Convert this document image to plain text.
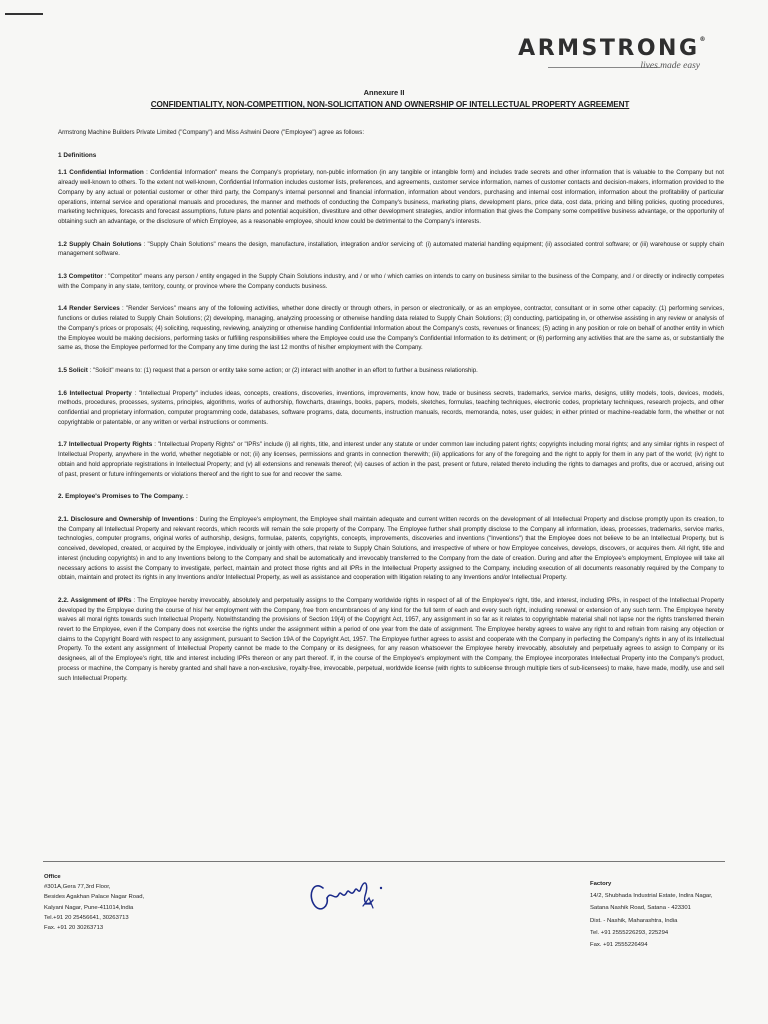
ARMSTRONG®
lives made easy
Annexure II
CONFIDENTIALITY, NON-COMPETITION, NON-SOLICITATION AND OWNERSHIP OF INTELLECTUAL PROPERTY AGREEMENT

Armstrong Machine Builders Private Limited ("Company") and Miss Ashwini Deore ("Employee") agree as follows:

1 Definitions

1.1 Confidential Information : Confidential Information" means the Company's proprietary, non-public information (in any tangible or intangible form) and includes trade secrets and other information that is valuable to the Company but not already well-known to others. To the extent not well-known, Confidential Information includes customer lists, preferences, and agreements, customer service information, names of customer contacts and decision-makers, information provided to the Company by any actual or potential customer or other third party, the Company's internal personnel and financial information, information about vendors, purchasing and internal cost information, information about the profitability of particular operations, internal service and operational manuals and procedures, the manner and methods of conducting the Company's business, marketing plans, development plans, price data, cost data, pricing and billing policies, quoting procedures, marketing techniques, forecasts and forecast assumptions, future plans and potential acquisition, divestiture and other development strategies, and/or information that gives the Company some competitive business advantage, or the opportunity of obtaining such an advantage, or the disclosure of which Employee, as a reasonable employee, should know could be detrimental to the Company's interests.

1.2 Supply Chain Solutions : "Supply Chain Solutions" means the design, manufacture, installation, integration and/or servicing of: (i) automated material handling equipment; (ii) associated control software; or (iii) warehouse or supply chain management software.

1.3 Competitor : "Competitor" means any person / entity engaged in the Supply Chain Solutions industry, and / or who / which carries on intends to carry on business similar to the business of the Company, and / or directly or indirectly competes with the Company in any state, territory, county, or province where the Company conducts business.

1.4 Render Services : "Render Services" means any of the following activities, whether done directly or through others, in person or electronically, or as an employee, contractor, consultant or in some other capacity: (1) performing services, functions or duties related to Supply Chain Solutions; (2) developing, managing, analyzing processing or otherwise handling data related to Supply Chain Solutions; (3) conducting, participating in, or otherwise assisting in any review or analysis of the Company's prices or proposals; (4) soliciting, requesting, reviewing, analyzing or otherwise handling Confidential Information about the Company's costs, revenues or finances; (5) acting in any position or role on behalf of another entity in which the Employee would be making decisions, performing tasks or fulfilling responsibilities where the Employee could use the Company's Confidential Information to its detriment; or (6) performing any activities that are the same as, or substantially the same as, those the Employee performed for the Company any time during the last 12 months of his/her employment with the Company.

1.5 Solicit : "Solicit" means to: (1) request that a person or entity take some action; or (2) interact with another in an effort to further a business relationship.

1.6 Intellectual Property : "Intellectual Property" includes ideas, concepts, creations, discoveries, inventions, improvements, know how, trade or business secrets, trademarks, service marks, designs, utility models, tools, devices, models, methods, procedures, processes, systems, principles, algorithms, works of authorship, flowcharts, drawings, books, papers, models, sketches, formulas, teaching techniques, electronic codes, proprietary techniques, research projects, and other confidential and proprietary information, computer programming code, databases, software programs, data, documents, instruction manuals, records, memoranda, notes, user guides; in either printed or machine-readable form, the whether or not copyrightable or patentable, or any written or verbal instructions or comments.

1.7 Intellectual Property Rights : "Intellectual Property Rights" or "IPRs" include (i) all rights, title, and interest under any statute or under common law including patent rights; copyrights including moral rights; and any similar rights in respect of Intellectual Property, anywhere in the world, whether negotiable or not; (ii) any licenses, permissions and grants in connection therewith; (iii) applications for any of the foregoing and the right to apply for them in any part of the world; (iv) right to obtain and hold appropriate registrations in Intellectual Property; and (v) all extensions and renewals thereof; (vi) causes of action in the past, present or future, related thereto including the rights to damages and profits, due or accrued, arising out of past, present or future infringements or violations thereof and the right to sue for and recover the same.

2. Employee's Promises to The Company. :

2.1. Disclosure and Ownership of Inventions : During the Employee's employment, the Employee shall maintain adequate and current written records on the development of all Intellectual Property and disclose promptly upon its creation, to the Company all Intellectual Property and relevant records, which records will remain the sole property of the Company. The Employee further shall promptly disclose to the Company all information, ideas, processes, trademarks, service marks, technologies, computer programs, original works of authorship, designs, formulae, patents, copyrights, concepts, improvements, discoveries and inventions ("Inventions") that the Employee does not believe to be an Intellectual Property, but is conceived, developed, created, or acquired by the Employee, individually or jointly with others, that relate to Supply Chain Solutions, and irrespective of where or how Employee conceives, develops, discovers, or acquires them. All right, title and interest (including copyrights) in and to any Inventions belong to the Company and shall be automatically and irrevocably transferred to the Company from the date of creation. During and after the Employee's employment, Employee will take all necessary actions to assist the Company to investigate, perfect, maintain and protect those rights and all IPRs in the Intellectual Property assigned to the Company, including execution of all documents reasonably required by the Company to obtain, maintain and protect its rights in any Inventions and/or Intellectual Property, as well as assistance and cooperation with litigation relating to any Inventions and/or Intellectual Property.

2.2. Assignment of IPRs : The Employee hereby irrevocably, absolutely and perpetually assigns to the Company worldwide rights in respect of all of the Employee's right, title, and interest, including IPRs, in respect of the Intellectual Property developed by the Employee during the course of his/ her employment with the Company, free from encumbrances of any kind for the full term of each and every such right, including renewal or extension of any such term. The Employee hereby waives all moral rights towards such Intellectual Property. Notwithstanding the provisions of Section 19(4) of the Copyright Act, 1957, any assignment in so far as it relates to copyrightable material shall not lapse nor the rights transferred therein revert to the Employee, even if the Company does not exercise the rights under the assignment within a period of one year from the date of assignment. The Employee hereby agrees to waive any right to and refrain from raising any objection or claims to the Copyright Board with respect to any assignment, pursuant to Section 19A of the Copyright Act, 1957. The Employee further agrees to assist and cooperate with the Company in perfecting the Company's rights in any of its Intellectual Property. To the extent any assignment of Intellectual Property cannot be made to the Company or its designees, for any reason whatsoever the Employee hereby irrevocably, absolutely and perpetually agrees to assign to Company or its designees, all of the Employee's right, title and interest including IPRs thereon or any part thereof. If, in the course of the Employee's employment with the Company, the Employee incorporates Intellectual Property into the Company's product, process or machine, the Company is hereby granted and shall have a non-exclusive, royalty-free, irrevocable, perpetual, worldwide license (with rights to sublicense through multiple tiers of sub-licensees) to make, have made, modify, use and sell such Intellectual Property.

Office
#301A,Gera 77,3rd Floor,
Besides Agakhan Palace Nagar Road,
Kalyani Nagar, Pune-411014,India
Tel.+91 20 25456641, 30263713
Fax. +91 20 30263713
Factory
14/2, Shubhada Industrial Estate, Indira Nagar,
Satana Nashik Road, Satana - 423301
Dist. - Nashik, Maharashtra, India
Tel. +91 2555226293, 225294
Fax. +91 2555226494
